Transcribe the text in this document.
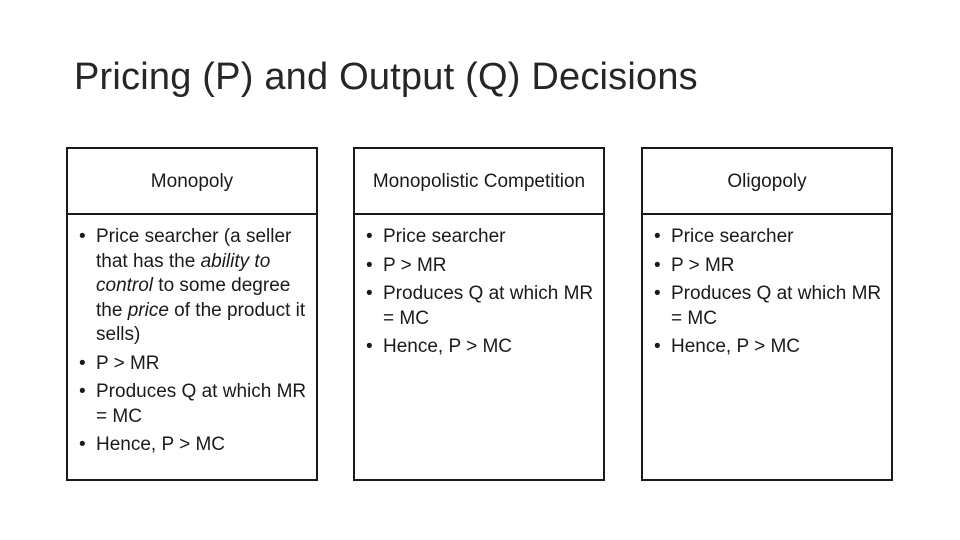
Pricing (P) and Output (Q) Decisions
Monopoly
• Price searcher (a seller that has the ability to control to some degree the price of the product it sells)
• P > MR
• Produces Q at which MR = MC
• Hence, P > MC
Monopolistic Competition
• Price searcher
• P > MR
• Produces Q at which MR = MC
• Hence, P > MC
Oligopoly
• Price searcher
• P > MR
• Produces Q at which MR = MC
• Hence, P > MC
